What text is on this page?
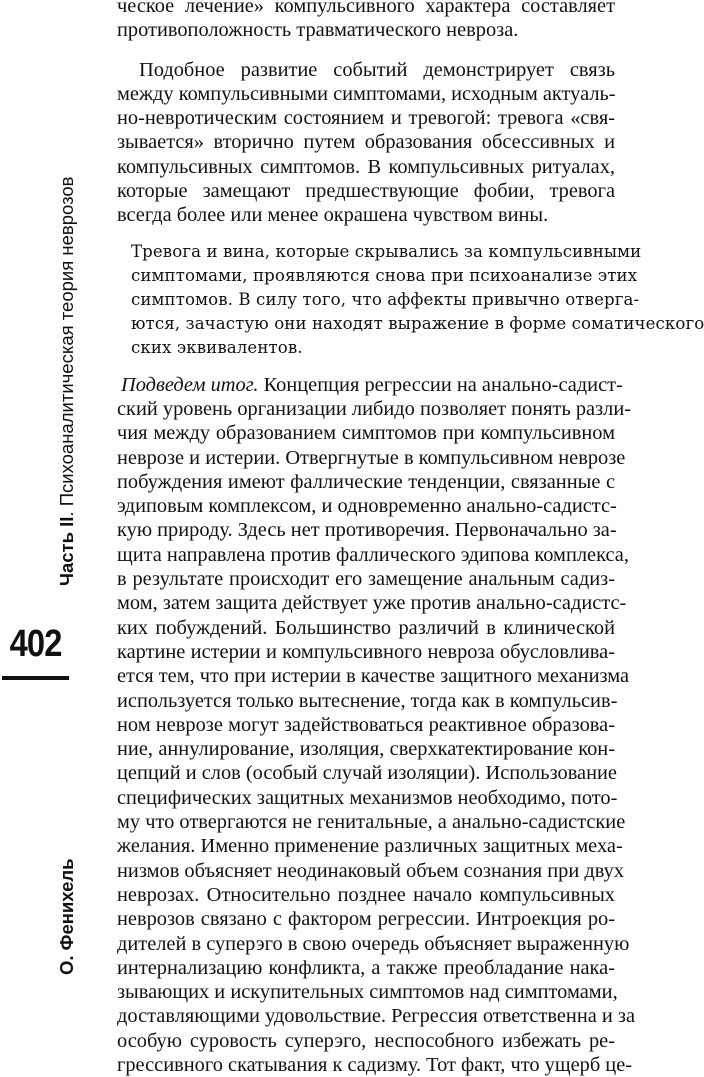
Часть II. Психоаналитическая теория неврозов
402
О. Фенихель

ческое лечение» компульсивного характера составляет
противоположность травматического невроза.

Подобное развитие событий демонстрирует связь
между компульсивными симптомами, исходным актуаль-
но-невротическим состоянием и тревогой: тревога «свя-
зывается» вторично путем образования обсессивных и
компульсивных симптомов. В компульсивных ритуалах,
которые замещают предшествующие фобии, тревога
всегда более или менее окрашена чувством вины.

Тревога и вина, которые скрывались за компульсивными
симптомами, проявляются снова при психоанализе этих
симптомов. В силу того, что аффекты привычно отверга-
ются, зачастую они находят выражение в форме соматического
ских эквивалентов.

Подведем итог. Концепция регрессии на анально-садист-
ский уровень организации либидо позволяет понять разли-
чия между образованием симптомов при компульсивном
неврозе и истерии. Отвергнутые в компульсивном неврозе
побуждения имеют фаллические тенденции, связанные с
эдиповым комплексом, и одновременно анально-садистс-
кую природу. Здесь нет противоречия. Первоначально за-
щита направлена против фаллического эдипова комплекса,
в результате происходит его замещение анальным садиз-
мом, затем защита действует уже против анально-садистс-
ких побуждений. Большинство различий в клинической
картине истерии и компульсивного невроза обусловлива-
ется тем, что при истерии в качестве защитного механизма
используется только вытеснение, тогда как в компульсив-
ном неврозе могут задействоваться реактивное образова-
ние, аннулирование, изоляция, сверхкатектирование кон-
цепций и слов (особый случай изоляции). Использование
специфических защитных механизмов необходимо, пото-
му что отвергаются не генитальные, а анально-садистские
желания. Именно применение различных защитных меха-
низмов объясняет неодинаковый объем сознания при двух
неврозах. Относительно позднее начало компульсивных
неврозов связано с фактором регрессии. Интроекция ро-
дителей в суперэго в свою очередь объясняет выраженную
интернализацию конфликта, а также преобладание нака-
зывающих и искупительных симптомов над симптомами,
доставляющими удовольствие. Регрессия ответственна и за
особую суровость суперэго, неспособного избежать ре-
грессивного скатывания к садизму. Тот факт, что ущерб це-
